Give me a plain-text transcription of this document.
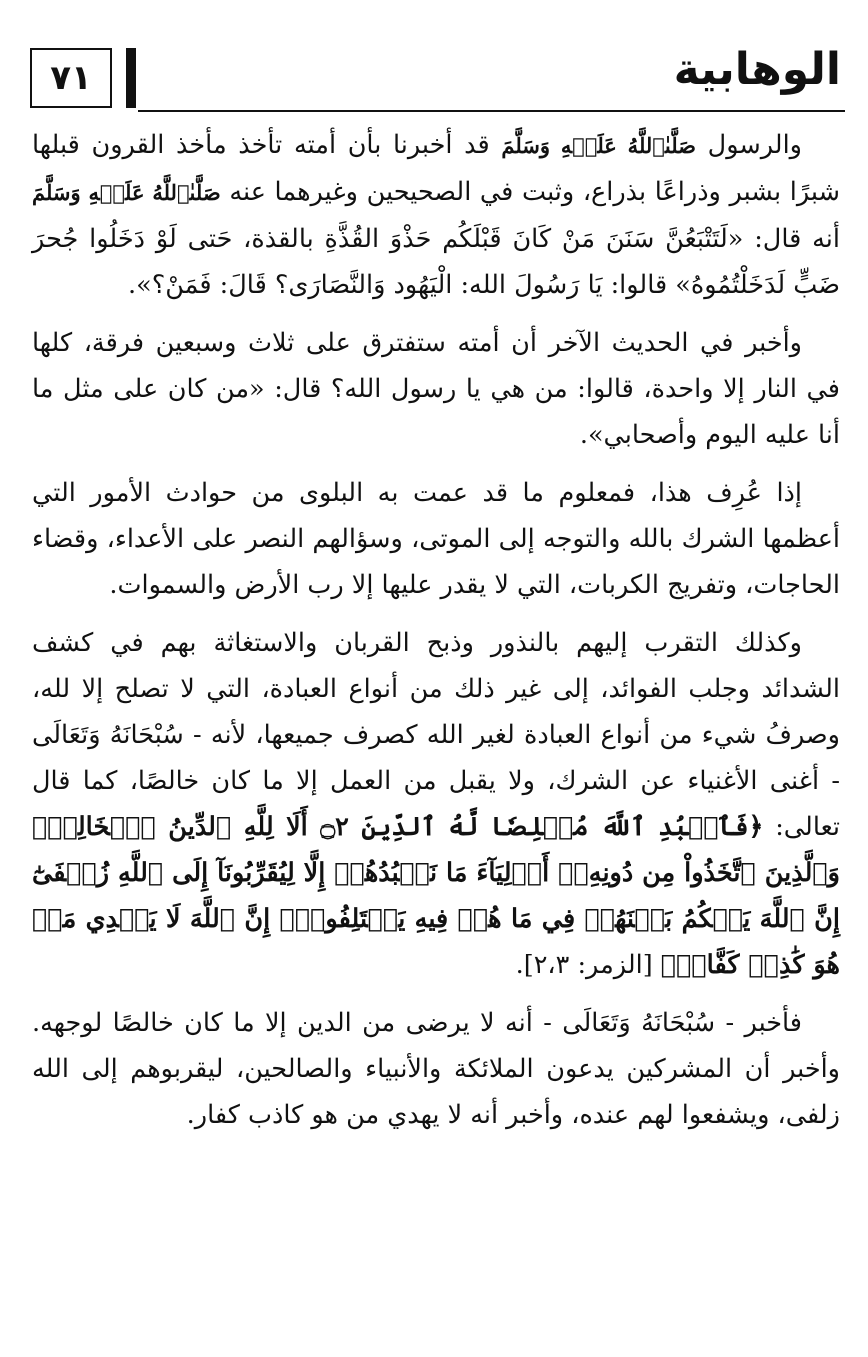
٧١	الوهابية

والرسول صَلَّىٰٱللَّهُ عَلَيۡهِ وَسَلَّمَ قد أخبرنا بأن أمته تأخذ مأخذ القرون قبلها شبرًا بشبر وذراعًا بذراع، وثبت في الصحيحين وغيرهما عنه صَلَّىٰٱللَّهُ عَلَيۡهِ وَسَلَّمَ أنه قال: «لَتَتْبَعُنَّ سَنَنَ مَنْ كَانَ قَبْلَكُم حَذْوَ القُذَّةِ بالقذة، حَتى لَوْ دَخَلُوا جُحرَ ضَبٍّ لَدَخَلْتُمُوهُ» قالوا: يَا رَسُولَ الله: الْيَهُود وَالنَّصَارَى؟ قَالَ: فَمَنْ؟».

وأخبر في الحديث الآخر أن أمته ستفترق على ثلاث وسبعين فرقة، كلها في النار إلا واحدة، قالوا: من هي يا رسول الله؟ قال: «من كان على مثل ما أنا عليه اليوم وأصحابي».

إذا عُرِف هذا، فمعلوم ما قد عمت به البلوى من حوادث الأمور التي أعظمها الشرك بالله والتوجه إلى الموتى، وسؤالهم النصر على الأعداء، وقضاء الحاجات، وتفريج الكربات، التي لا يقدر عليها إلا رب الأرض والسموات.

وكذلك التقرب إليهم بالنذور وذبح القربان والاستغاثة بهم في كشف الشدائد وجلب الفوائد، إلى غير ذلك من أنواع العبادة، التي لا تصلح إلا لله، وصرفُ شيء من أنواع العبادة لغير الله كصرف جميعها، لأنه - سُبْحَانَهُ وَتَعَالَى - أغنى الأغنياء عن الشرك، ولا يقبل من العمل إلا ما كان خالصًا، كما قال تعالى: ﴿فَٱعۡبُدِ ٱللَّهَ مُخۡلِصٗا لَّهُ ٱلدِّينَ ۝٢ أَلَا لِلَّهِ ٱلدِّينُ ٱلۡخَالِصُۚ وَٱلَّذِينَ ٱتَّخَذُواْ مِن دُونِهِۦٓ أَوۡلِيَآءَ مَا نَعۡبُدُهُمۡ إِلَّا لِيُقَرِّبُونَآ إِلَى ٱللَّهِ زُلۡفَىٰٓ إِنَّ ٱللَّهَ يَحۡكُمُ بَيۡنَهُمۡ فِي مَا هُمۡ فِيهِ يَخۡتَلِفُونَۗ إِنَّ ٱللَّهَ لَا يَهۡدِي مَنۡ هُوَ كَٰذِبٞ كَفَّارٞ﴾ [الزمر: ٢،٣].

فأخبر - سُبْحَانَهُ وَتَعَالَى - أنه لا يرضى من الدين إلا ما كان خالصًا لوجهه. وأخبر أن المشركين يدعون الملائكة والأنبياء والصالحين، ليقربوهم إلى الله زلفى، ويشفعوا لهم عنده، وأخبر أنه لا يهدي من هو كاذب كفار.
